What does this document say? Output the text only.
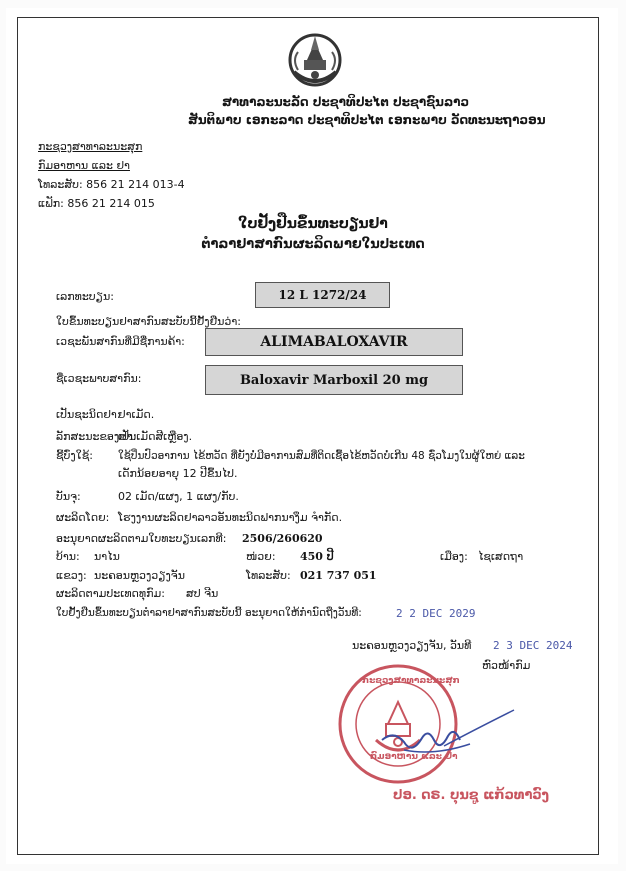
ສາທາລະນະລັດ ປະຊາທິປະໄຕ ປະຊາຊົນລາວ
ສັນຕິພາບ ເອກະລາດ ປະຊາທິປະໄຕ ເອກະພາບ ວັດທະນະຖາວອນ
ກະຊວງສາທາລະນະສຸກ
ກົມອາຫານ ແລະ ຢາ
ໂທລະສັບ: 856 21 214 013-4
ແຟັກ: 856 21 214 015
ໃບຢັ້ງຢືນຂຶ້ນທະບຽນຢາ
ຕຳລາຢາສາກົນຜະລິດພາຍໃນປະເທດ
ເລກທະບຽນ:	12 L 1272/24
ໃບຂຶ້ນທະບຽນຢາສາກົນສະບັບນີ້ຢັ້ງຢືນວ່າ:
ເວຊະພັນສາກົນທີ່ມີຊື່ການຄ້າ:	ALIMABALOXAVIR
ຊື່ເວຊະພາບສາກົນ:	Baloxavir Marboxil 20 mg
ເປັນຊະນິດຢາ:
ຢາເມັດ.
ລັກສະນະຂອງຢາ:
ເປັນເມັດສີເຫຼືອງ.
ຊີ້ບົ່ງໃຊ້: ໃຊ້ປິ່ນປົວອາການ ໄຂ້ຫວັດ ທີ່ຍັງບໍ່ມີອາການສົມທີ່ຕິດເຊື້ອໄຂ້ຫວັດບໍ່ເກີນ 48 ຊົ່ວໂມງໃນຜູ້ໃຫຍ່ ແລະ
ເດັກນ້ອຍອາຍຸ 12 ປີຂຶ້ນໄປ.
ບັນຈຸ:	02 ເມັດ/ແຜງ, 1 ແຜງ/ກັບ.
ຜະລິດໂດຍ: ໂຮງງານຜະລິດຢາລາວອັນທະນິດຟາກນາງຶມ ຈຳກັດ.
ອະນຸຍາດຜະລິດຕາມໃບທະບຽນເລກທີ: 2506/260620
ບ້ານ: ນາໄນ	ໜ່ວຍ: 450 ປີ	ເມືອງ: ໄຊເສດຖາ
ແຂວງ: ນະຄອນຫຼວງວຽງຈັນ	ໂທລະສັບ: 021 737 051
ຜະລິດຕາມປະເທດທຸກົມ: ສປ ຈີນ
ໃບຢັ້ງຢືນຂຶ້ນທະບຽນຕຳລາຢາສາກົນສະບັບນີ້ ອະນຸຍາດໃຫ້ກຳນົດຖືງວັນທີ:	2 2 DEC 2029
ນະຄອນຫຼວງວຽງຈັນ, ວັນທີ 2 3 DEC 2024
ຫົວໜ້າກົມ
ກະຊວງສາທາລະນະສຸກ
ກົມອາຫານ ແລະ ຢາ
ປອ. ດຣ. ບຸນຊູ ແກ້ວທາວົງ
